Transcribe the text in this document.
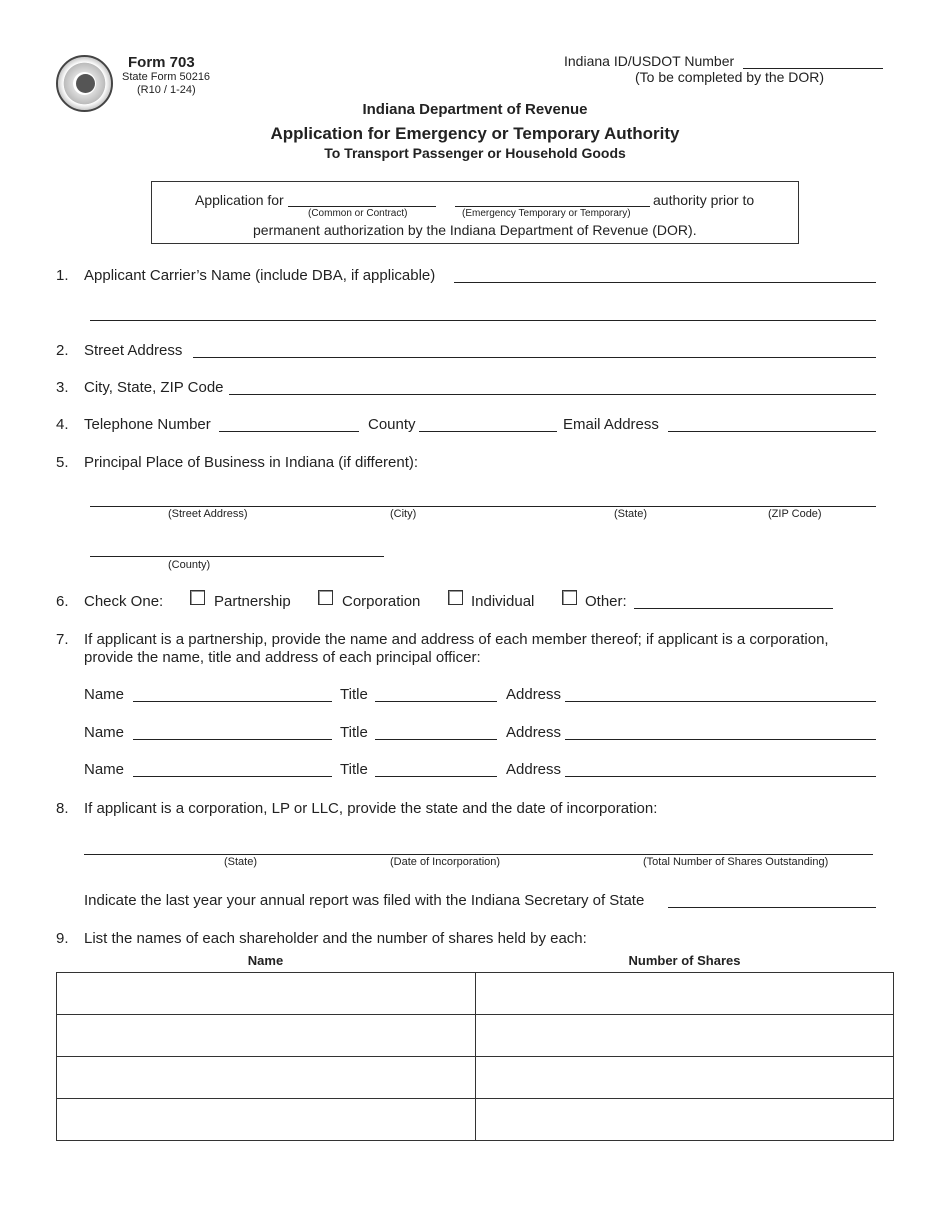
Form 703
State Form 50216
(R10 / 1-24)
Indiana ID/USDOT Number
(To be completed by the DOR)
Indiana Department of Revenue
Application for Emergency or Temporary Authority
To Transport Passenger or Household Goods
Application for	authority prior to
(Common or Contract)	(Emergency Temporary or Temporary)
permanent authorization by the Indiana Department of Revenue (DOR).
1. Applicant Carrier’s Name (include DBA, if applicable)
2. Street Address
3. City, State, ZIP Code
4. Telephone Number	County	Email Address
5. Principal Place of Business in Indiana (if different):
(Street Address)	(City)	(State)	(ZIP Code)
(County)
6. Check One:	Partnership	Corporation	Individual	Other:
7. If applicant is a partnership, provide the name and address of each member thereof; if applicant is a corporation,
provide the name, title and address of each principal officer:
Name	Title	Address
Name	Title	Address
Name	Title	Address
8. If applicant is a corporation, LP or LLC, provide the state and the date of incorporation:
(State)	(Date of Incorporation)	(Total Number of Shares Outstanding)
Indicate the last year your annual report was filed with the Indiana Secretary of State
9. List the names of each shareholder and the number of shares held by each:
Name	Number of Shares
